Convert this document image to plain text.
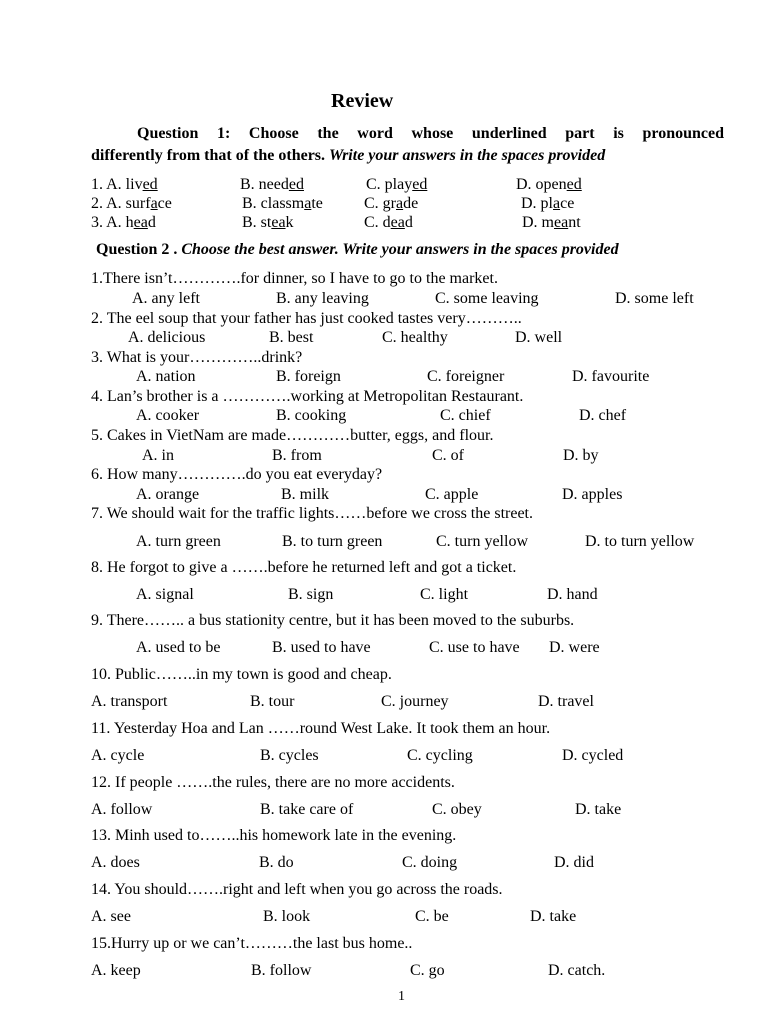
Review
Question 1: Choose the word whose underlined part is pronounced
differently from that of the others. Write your answers in the spaces provided
1. A. lived	B. needed	C. played	D. opened
2. A. surface	B. classmate	C. grade	D. place
3. A. head	B. steak	C. dead	D. meant
Question 2 . Choose the best answer. Write your answers in the spaces provided
1.There isn’t………….for dinner, so I have to go to the market.
A. any left	B. any leaving	C. some leaving	D. some left
2. The eel soup that your father has just cooked tastes very………..
A. delicious	B. best	C. healthy	D. well
3. What is your…………..drink?
A. nation	B. foreign	C. foreigner	D. favourite
4. Lan’s brother is a ………….working at Metropolitan Restaurant.
A. cooker	B. cooking	C. chief	D. chef
5. Cakes in VietNam are made…………butter, eggs, and flour.
A. in	B. from	C. of	D. by
6. How many………….do you eat everyday?
A. orange	B. milk	C. apple	D. apples
7. We should wait for the traffic lights……before we cross the street.
A. turn green	B. to turn green	C. turn yellow	D. to turn yellow
8. He forgot to give a …….before he returned left and got a ticket.
A. signal	B. sign	C. light	D. hand
9. There…….. a bus stationity centre, but it has been moved to the suburbs.
A. used to be	B. used to have	C. use to have D. were
10. Public……..in my town is good and cheap.
A. transport	B. tour	C. journey	D. travel
11. Yesterday Hoa and Lan ……round West Lake. It took them an hour.
A. cycle	B. cycles	C. cycling	D. cycled
12. If people …….the rules, there are no more accidents.
A. follow	B. take care of	C. obey	D. take
13. Minh used to……..his homework late in the evening.
A. does	B. do	C. doing	D. did
14. You should…….right and left when you go across the roads.
A. see	B. look	C. be	D. take
15.Hurry up or we can’t………the last bus home..
A. keep	B. follow	C. go	D. catch.
1
